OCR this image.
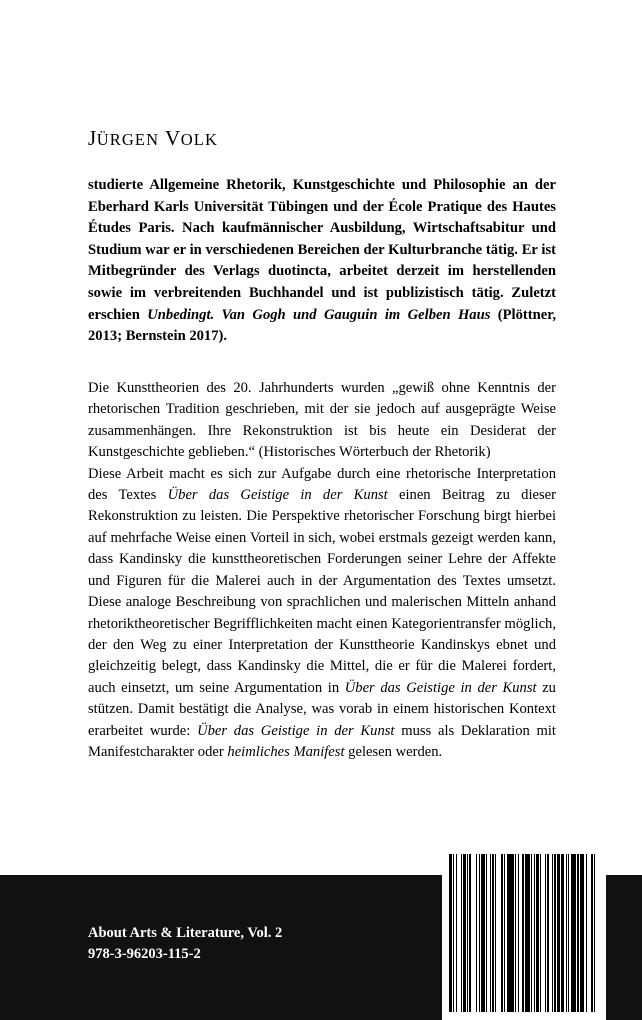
JÜRGEN VOLK

studierte Allgemeine Rhetorik, Kunstgeschichte und Philosophie an der Eberhard Karls Universität Tübingen und der École Pratique des Hautes Études Paris. Nach kaufmännischer Ausbildung, Wirtschaftsabitur und Studium war er in verschiedenen Bereichen der Kulturbranche tätig. Er ist Mitbegründer des Verlags duotincta, arbeitet derzeit im herstellenden sowie im verbreitenden Buchhandel und ist publizistisch tätig. Zuletzt erschien Unbedingt. Van Gogh und Gauguin im Gelben Haus (Plöttner, 2013; Bernstein 2017).

Die Kunsttheorien des 20. Jahrhunderts wurden „gewiß ohne Kenntnis der rhetorischen Tradition geschrieben, mit der sie jedoch auf ausgeprägte Weise zusammenhängen. Ihre Rekonstruktion ist bis heute ein Desiderat der Kunstgeschichte geblieben.“ (Historisches Wörterbuch der Rhetorik)

Diese Arbeit macht es sich zur Aufgabe durch eine rhetorische Interpretation des Textes Über das Geistige in der Kunst einen Beitrag zu dieser Rekonstruktion zu leisten. Die Perspektive rhetorischer Forschung birgt hierbei auf mehrfache Weise einen Vorteil in sich, wobei erstmals gezeigt werden kann, dass Kandinsky die kunsttheoretischen Forderungen seiner Lehre der Affekte und Figuren für die Malerei auch in der Argumentation des Textes umsetzt. Diese analoge Beschreibung von sprachlichen und malerischen Mitteln anhand rhetoriktheoretischer Begrifflichkeiten macht einen Kategorientransfer möglich, der den Weg zu einer Interpretation der Kunsttheorie Kandinskys ebnet und gleichzeitig belegt, dass Kandinsky die Mittel, die er für die Malerei fordert, auch einsetzt, um seine Argumentation in Über das Geistige in der Kunst zu stützen. Damit bestätigt die Analyse, was vorab in einem historischen Kontext erarbeitet wurde: Über das Geistige in der Kunst muss als Deklaration mit Manifestcharakter oder heimliches Manifest gelesen werden.

About Arts & Literature, Vol. 2
978-3-96203-115-2
